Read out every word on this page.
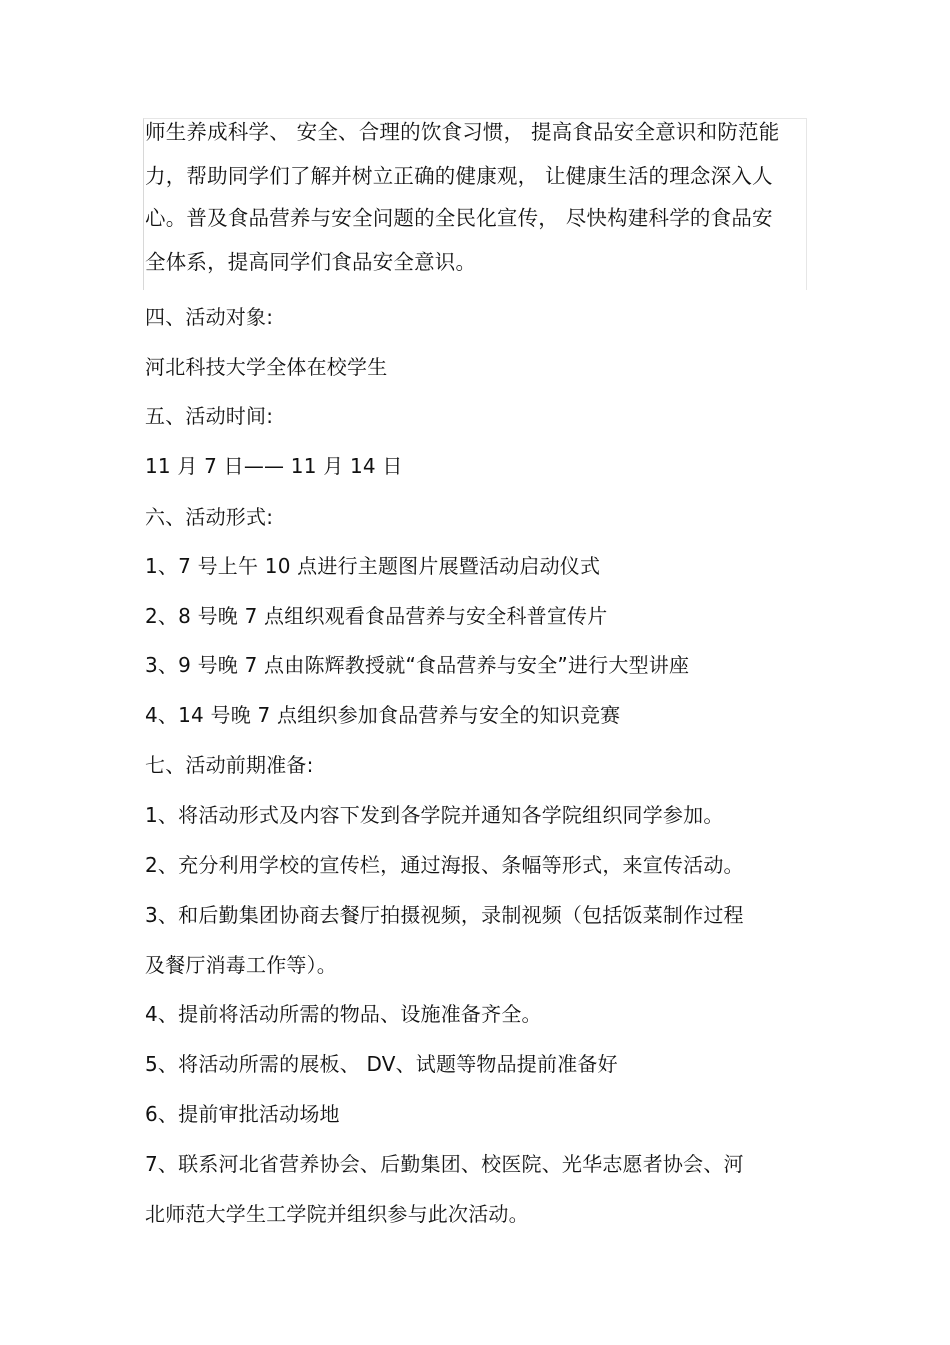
师生养成科学、 安全、合理的饮食习惯， 提高食品安全意识和防范能
力，帮助同学们了解并树立正确的健康观， 让健康生活的理念深入人
心。普及食品营养与安全问题的全民化宣传， 尽快构建科学的食品安
全体系，提高同学们食品安全意识。
四、活动对象:
河北科技大学全体在校学生
五、活动时间:
11 月 7 日—— 11 月 14 日
六、活动形式:
1、7 号上午 10 点进行主题图片展暨活动启动仪式
2、8 号晚 7 点组织观看食品营养与安全科普宣传片
3、9 号晚 7 点由陈辉教授就“食品营养与安全”进行大型讲座
4、14 号晚 7 点组织参加食品营养与安全的知识竞赛
七、活动前期准备:
1、将活动形式及内容下发到各学院并通知各学院组织同学参加。
2、充分利用学校的宣传栏，通过海报、条幅等形式，来宣传活动。
3、和后勤集团协商去餐厅拍摄视频，录制视频（包括饭菜制作过程
及餐厅消毒工作等）。
4、提前将活动所需的物品、设施准备齐全。
5、将活动所需的展板、 DV、试题等物品提前准备好
6、提前审批活动场地
7、联系河北省营养协会、后勤集团、校医院、光华志愿者协会、河
北师范大学生工学院并组织参与此次活动。
